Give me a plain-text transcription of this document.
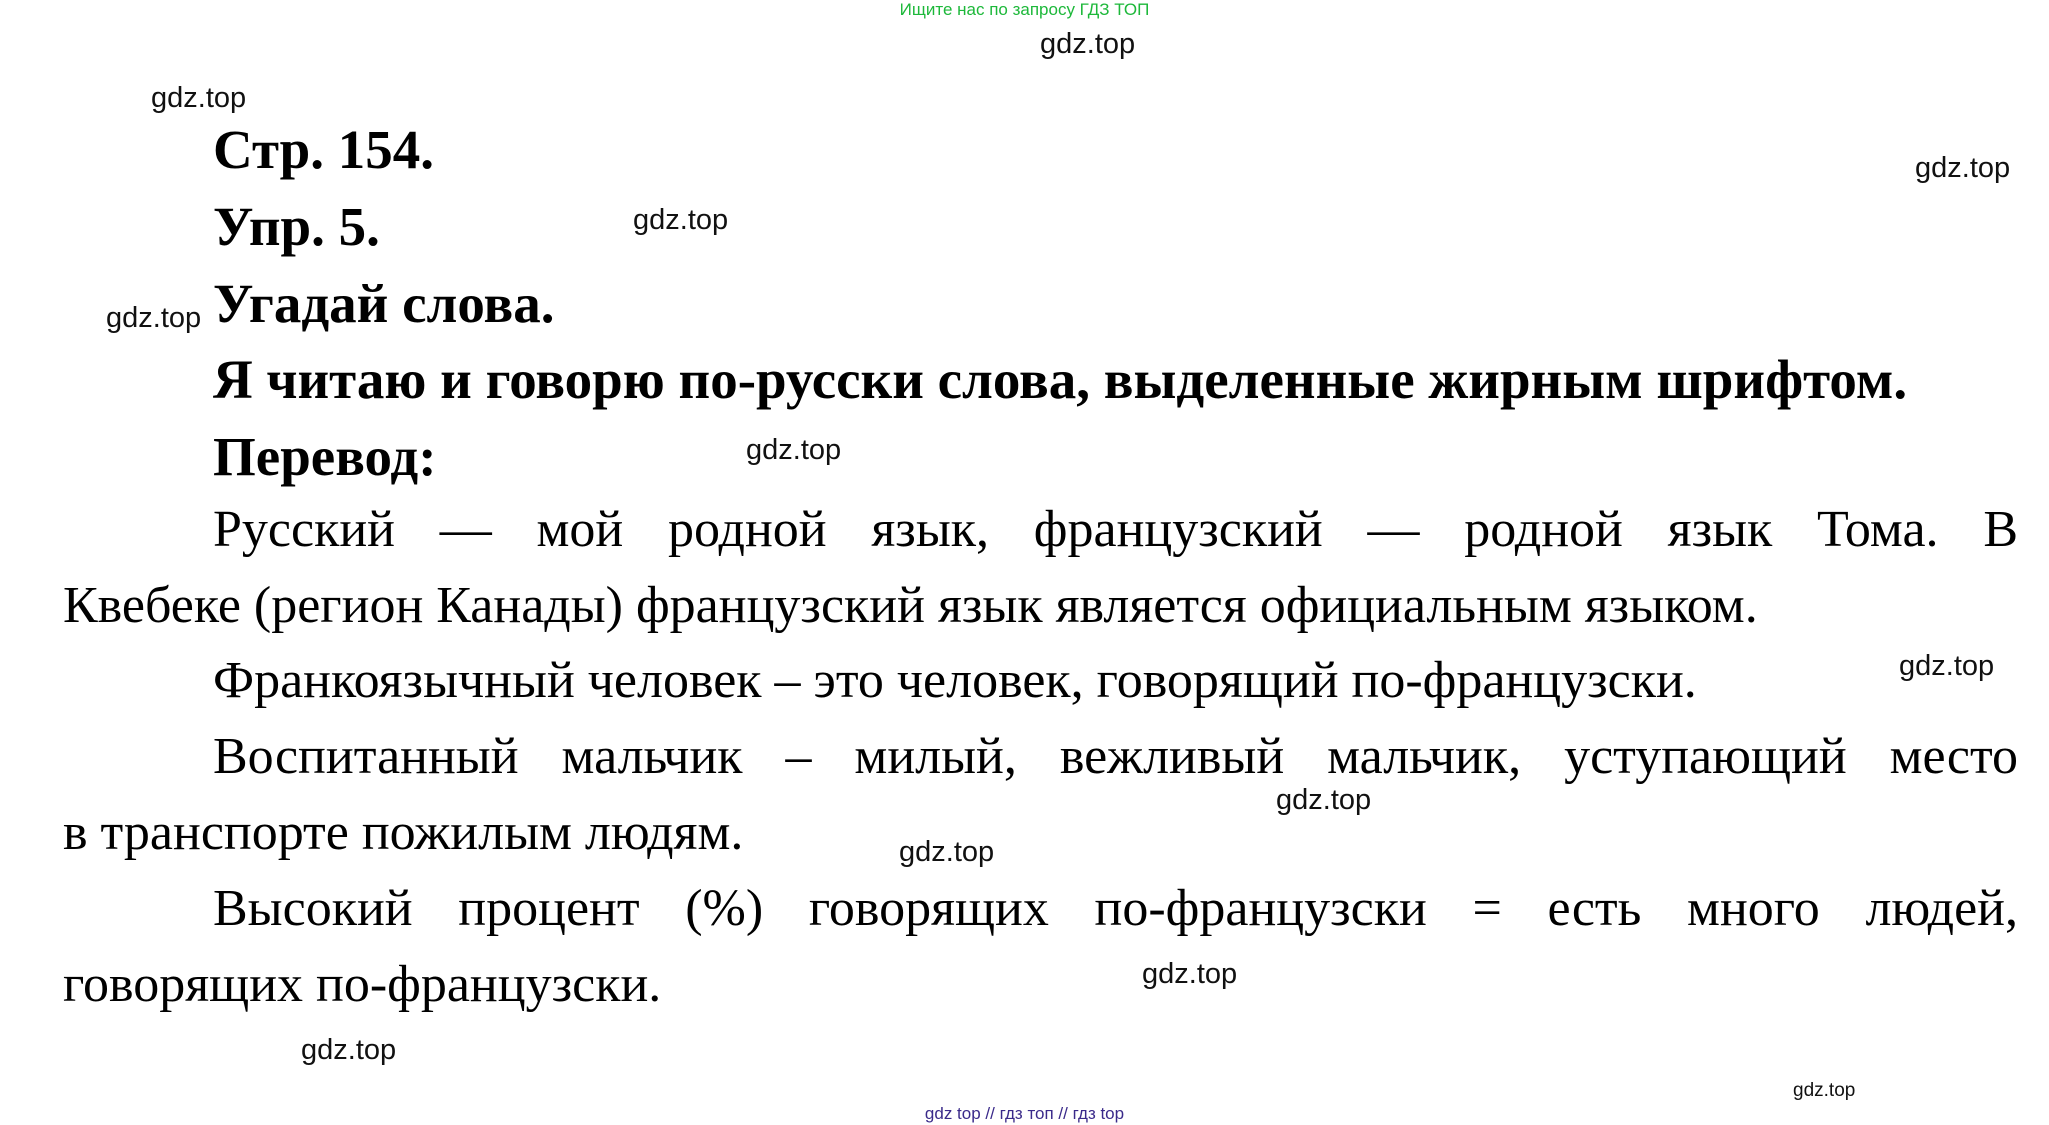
Ищите нас по запросу ГДЗ ТОП

gdz.top

gdz.top

gdz.top

gdz.top

gdz.top

gdz.top

gdz.top

gdz.top

gdz.top

gdz.top

gdz.top

gdz.top

Стр. 154.

Упр. 5.

Угадай слова.

Я читаю и говорю по-русски слова, выделенные жирным шрифтом.

Перевод:

Русский — мой родной язык, французский — родной язык Тома. В

Квебеке (регион Канады) французский язык является официальным языком.

Франкоязычный человек – это человек, говорящий по-французски.

Воспитанный мальчик – милый, вежливый мальчик, уступающий место

в транспорте пожилым людям.

Высокий процент (%) говорящих по-французски = есть много людей,

говорящих по-французски.

gdz top // гдз топ // гдз top
